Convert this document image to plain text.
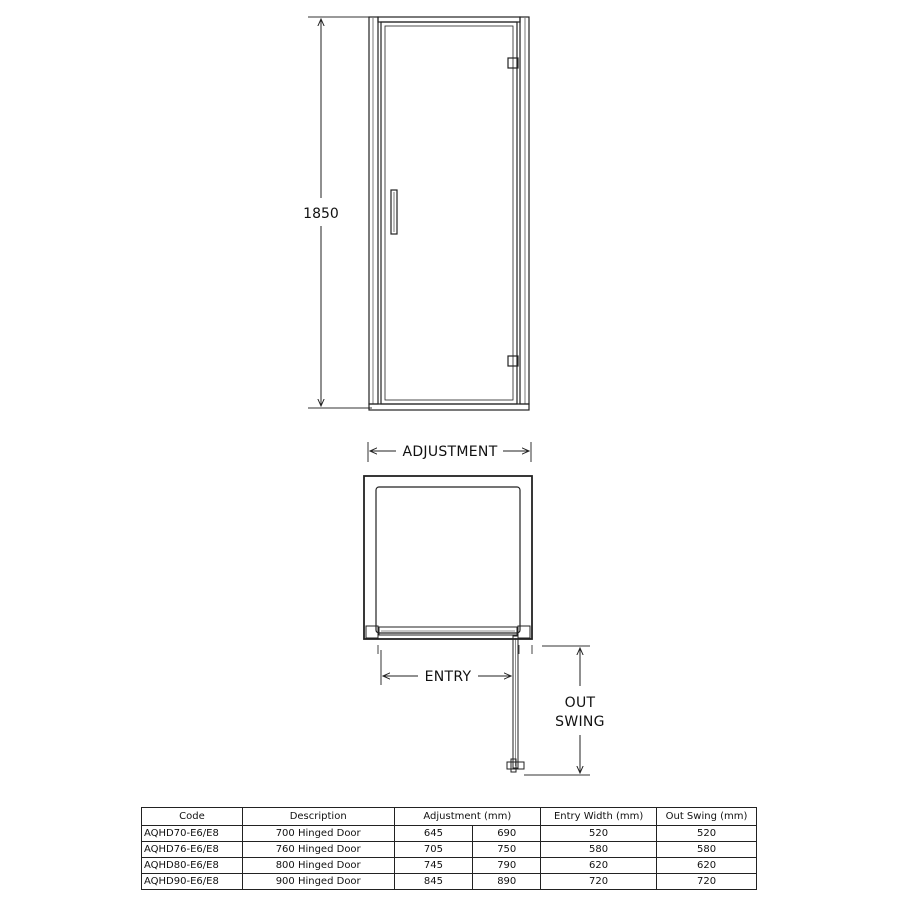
1850
ADJUSTMENT
ENTRY
OUT
SWING
Code	Description	Adjustment (mm)		Entry Width (mm)	Out Swing (mm)
AQHD70-E6/E8	700 Hinged Door	645	690	520	520
AQHD76-E6/E8	760 Hinged Door	705	750	580	580
AQHD80-E6/E8	800 Hinged Door	745	790	620	620
AQHD90-E6/E8	900 Hinged Door	845	890	720	720
